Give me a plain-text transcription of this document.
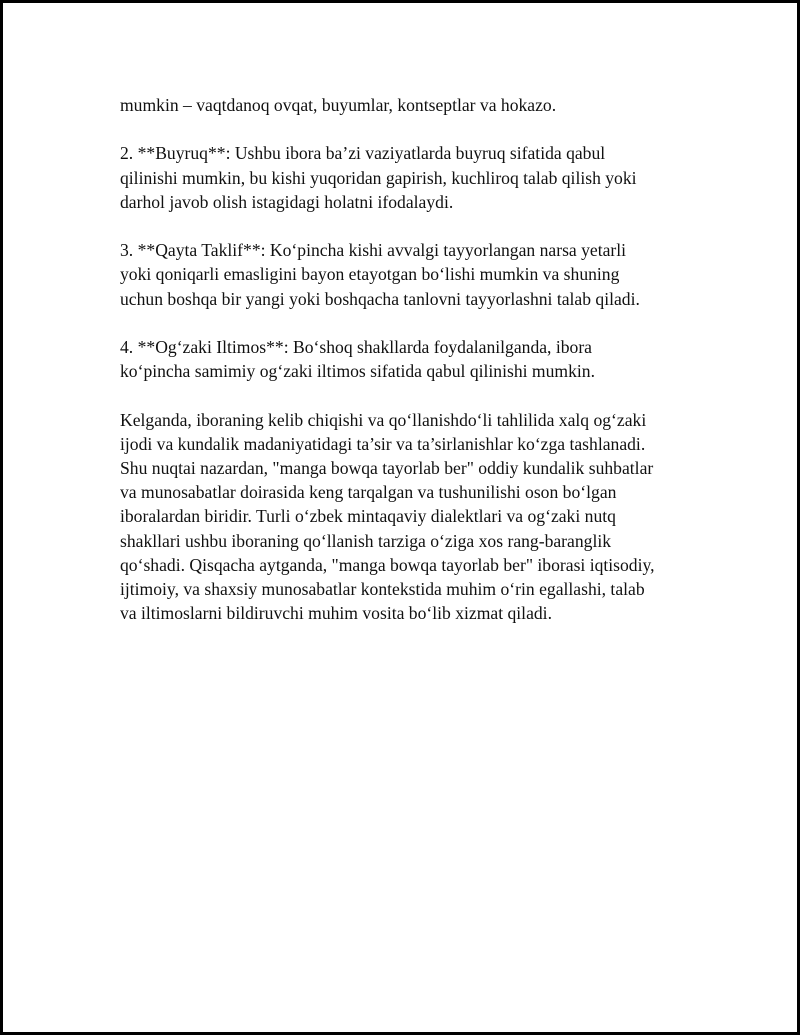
mumkin – vaqtdanoq ovqat, buyumlar, kontseptlar va hokazo.

2. **Buyruq**: Ushbu ibora ba’zi vaziyatlarda buyruq sifatida qabul
qilinishi mumkin, bu kishi yuqoridan gapirish, kuchliroq talab qilish yoki
darhol javob olish istagidagi holatni ifodalaydi.

3. **Qayta Taklif**: Ko‘pincha kishi avvalgi tayyorlangan narsa yetarli
yoki qoniqarli emasligini bayon etayotgan bo‘lishi mumkin va shuning
uchun boshqa bir yangi yoki boshqacha tanlovni tayyorlashni talab qiladi.

4. **Og‘zaki Iltimos**: Bo‘shoq shakllarda foydalanilganda, ibora
ko‘pincha samimiy og‘zaki iltimos sifatida qabul qilinishi mumkin.

Kelganda, iboraning kelib chiqishi va qo‘llanishdo‘li tahlilida xalq og‘zaki
ijodi va kundalik madaniyatidagi ta’sir va ta’sirlanishlar ko‘zga tashlanadi.
Shu nuqtai nazardan, "manga bowqa tayorlab ber" oddiy kundalik suhbatlar
va munosabatlar doirasida keng tarqalgan va tushunilishi oson bo‘lgan
iboralardan biridir. Turli o‘zbek mintaqaviy dialektlari va og‘zaki nutq
shakllari ushbu iboraning qo‘llanish tarziga o‘ziga xos rang-baranglik
qo‘shadi. Qisqacha aytganda, "manga bowqa tayorlab ber" iborasi iqtisodiy,
ijtimoiy, va shaxsiy munosabatlar kontekstida muhim o‘rin egallashi, talab
va iltimoslarni bildiruvchi muhim vosita bo‘lib xizmat qiladi.
